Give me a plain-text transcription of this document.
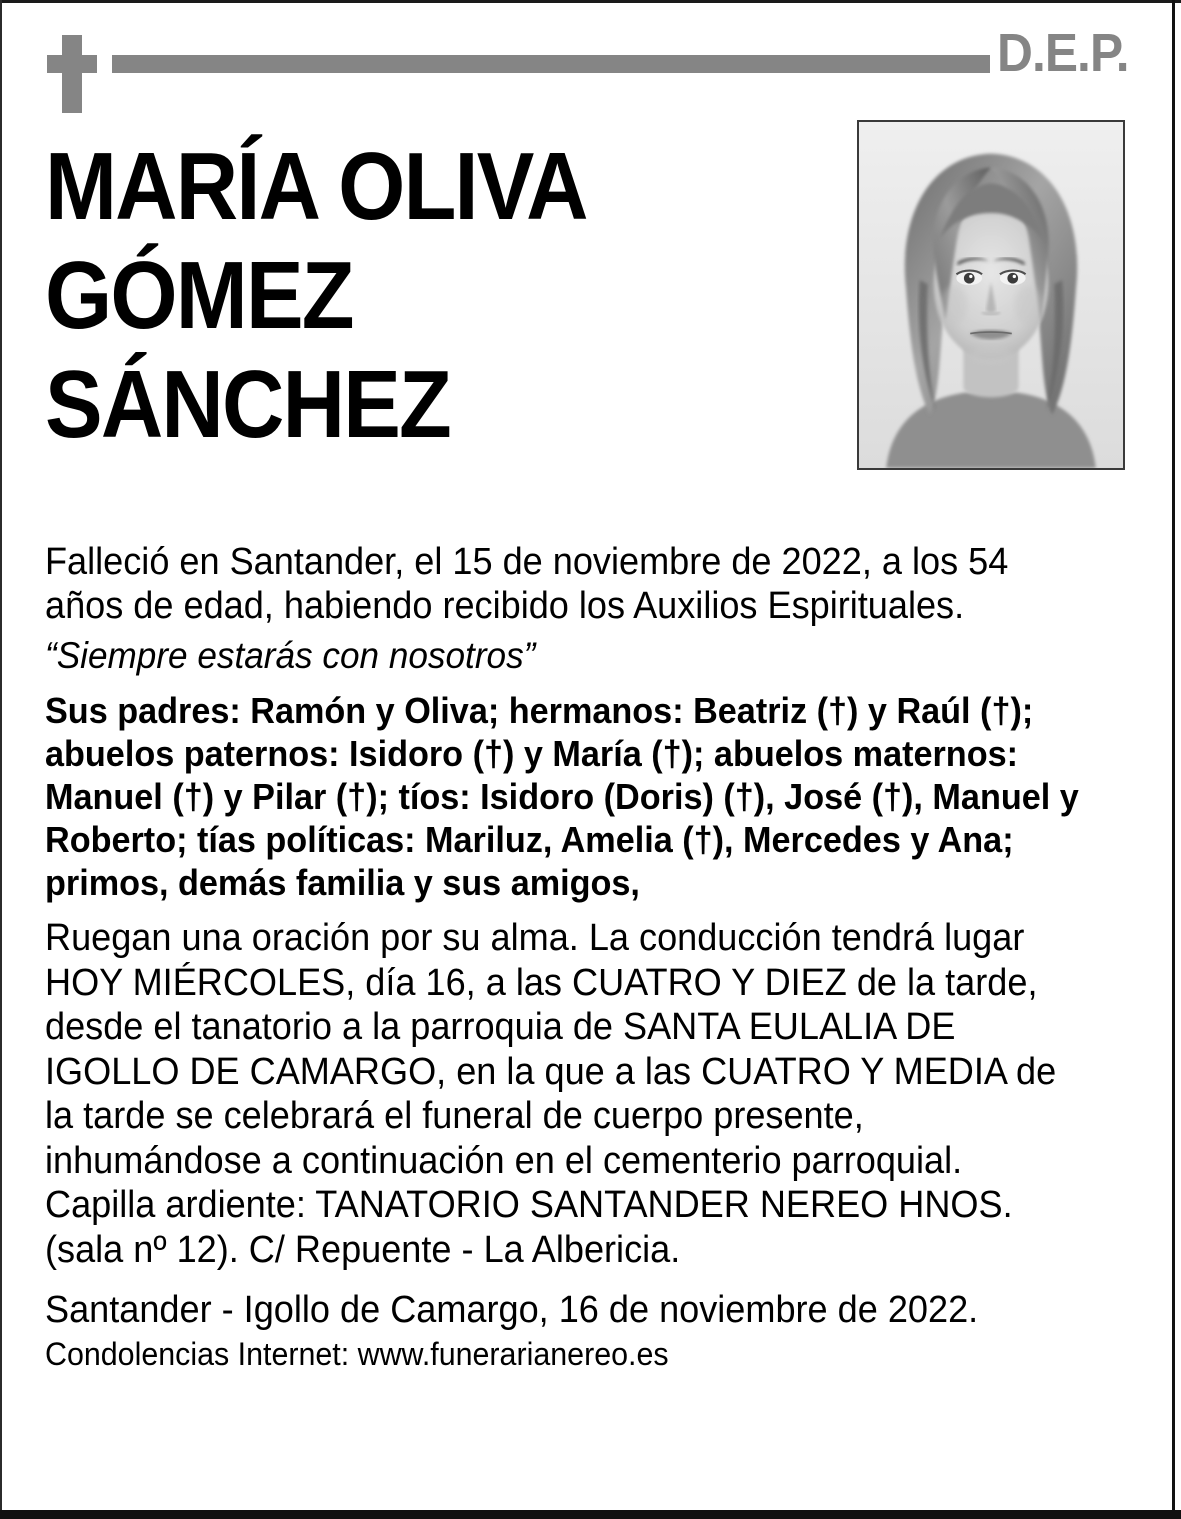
D.E.P.
MARÍA OLIVA
GÓMEZ
SÁNCHEZ

Falleció en Santander, el 15 de noviembre de 2022, a los 54 años de edad, habiendo recibido los Auxilios Espirituales.

“Siempre estarás con nosotros”

Sus padres: Ramón y Oliva; hermanos: Beatriz (†) y Raúl (†); abuelos paternos: Isidoro (†) y María (†); abuelos maternos: Manuel (†) y Pilar (†); tíos: Isidoro (Doris) (†), José (†), Manuel y Roberto; tías políticas: Mariluz, Amelia (†), Mercedes y Ana; primos, demás familia y sus amigos,

Ruegan una oración por su alma. La conducción tendrá lugar HOY MIÉRCOLES, día 16, a las CUATRO Y DIEZ de la tarde, desde el tanatorio a la parroquia de SANTA EULALIA DE IGOLLO DE CAMARGO, en la que a las CUATRO Y MEDIA de la tarde se celebrará el funeral de cuerpo presente, inhumándose a continuación en el cementerio parroquial. Capilla ardiente: TANATORIO SANTANDER NEREO HNOS. (sala nº 12). C/ Repuente - La Albericia.

Santander - Igollo de Camargo, 16 de noviembre de 2022.

Condolencias Internet: www.funerarianereo.es
